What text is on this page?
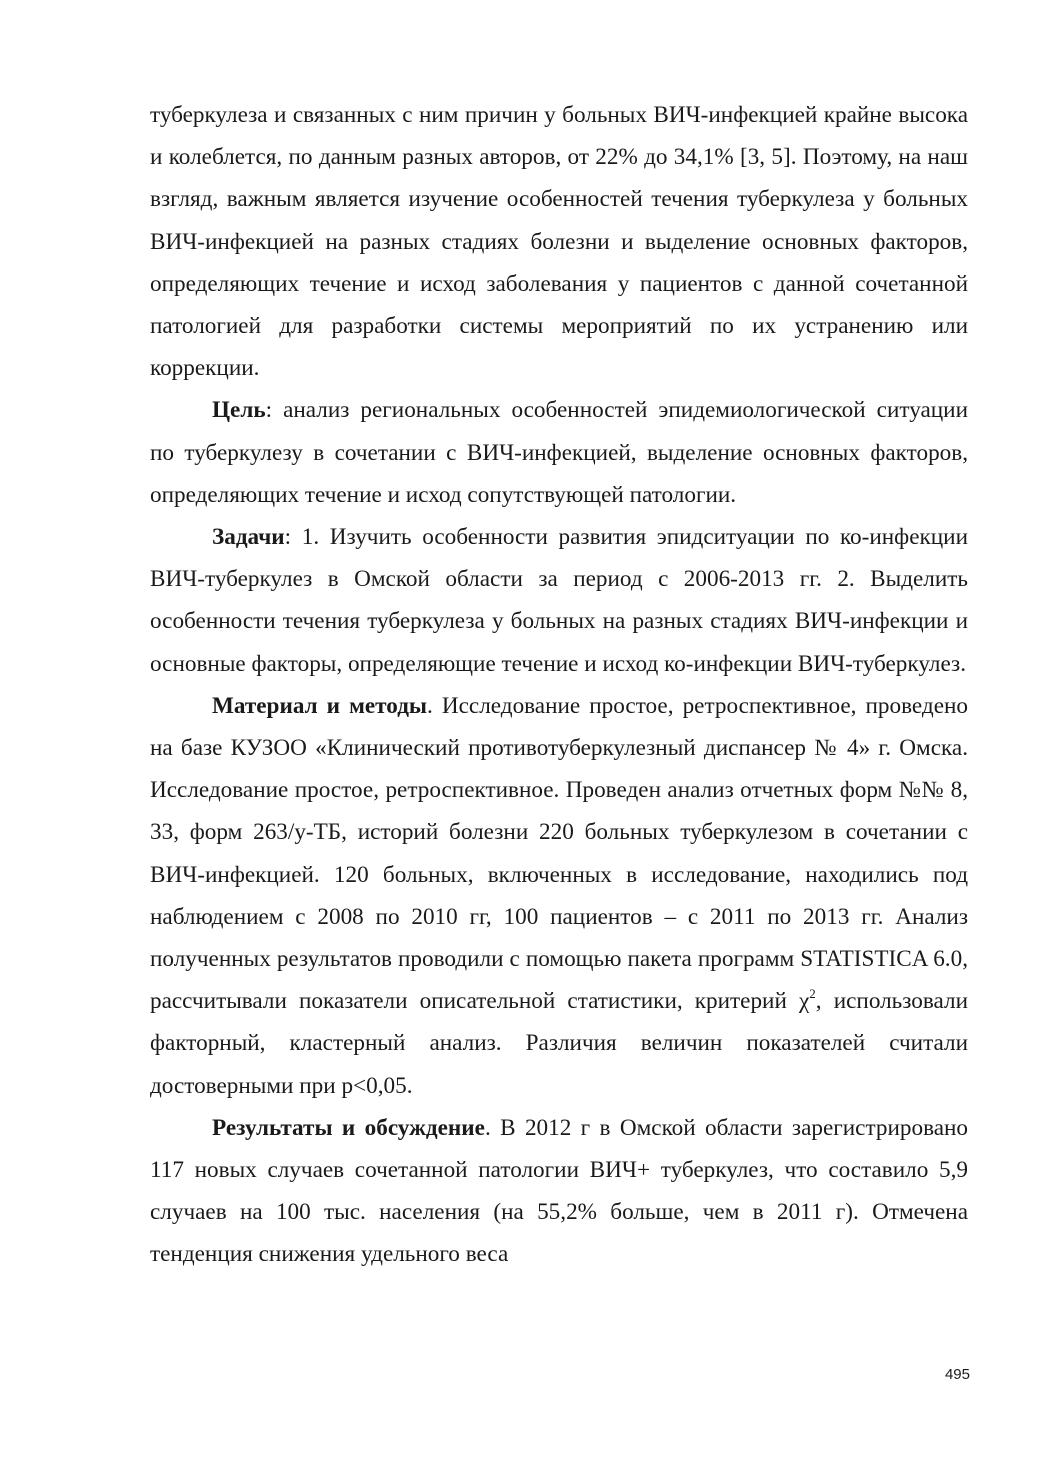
туберкулеза и связанных с ним причин у больных ВИЧ-инфекцией крайне высока и колеблется, по данным разных авторов, от 22% до 34,1% [3, 5]. Поэтому, на наш взгляд, важным является изучение особенностей течения туберкулеза у больных ВИЧ-инфекцией на разных стадиях болезни и выделение основных факторов, определяющих течение и исход заболевания у пациентов с данной сочетанной патологией для разработки системы мероприятий по их устранению или коррекции.

Цель: анализ региональных особенностей эпидемиологической ситуации по туберкулезу в сочетании с ВИЧ-инфекцией, выделение основных факторов, определяющих течение и исход сопутствующей патологии.

Задачи: 1. Изучить особенности развития эпидситуации по ко-инфекции ВИЧ-туберкулез в Омской области за период с 2006-2013 гг. 2. Выделить особенности течения туберкулеза у больных на разных стадиях ВИЧ-инфекции и основные факторы, определяющие течение и исход ко-инфекции ВИЧ-туберкулез.

Материал и методы. Исследование простое, ретроспективное, проведено на базе КУЗОО «Клинический противотуберкулезный диспансер № 4» г. Омска. Исследование простое, ретроспективное. Проведен анализ отчетных форм №№ 8, 33, форм 263/у-ТБ, историй болезни 220 больных туберкулезом в сочетании с ВИЧ-инфекцией. 120 больных, включенных в исследование, находились под наблюдением с 2008 по 2010 гг, 100 пациентов – с 2011 по 2013 гг. Анализ полученных результатов проводили с помощью пакета программ STATISTICA 6.0, рассчитывали показатели описательной статистики, критерий $\chi^2$, использовали факторный, кластерный анализ. Различия величин показателей считали достоверными при р<0,05.

Результаты и обсуждение. В 2012 г в Омской области зарегистрировано 117 новых случаев сочетанной патологии ВИЧ+ туберкулез, что составило 5,9 случаев на 100 тыс. населения (на 55,2% больше, чем в 2011 г). Отмечена тенденция снижения удельного веса

495
